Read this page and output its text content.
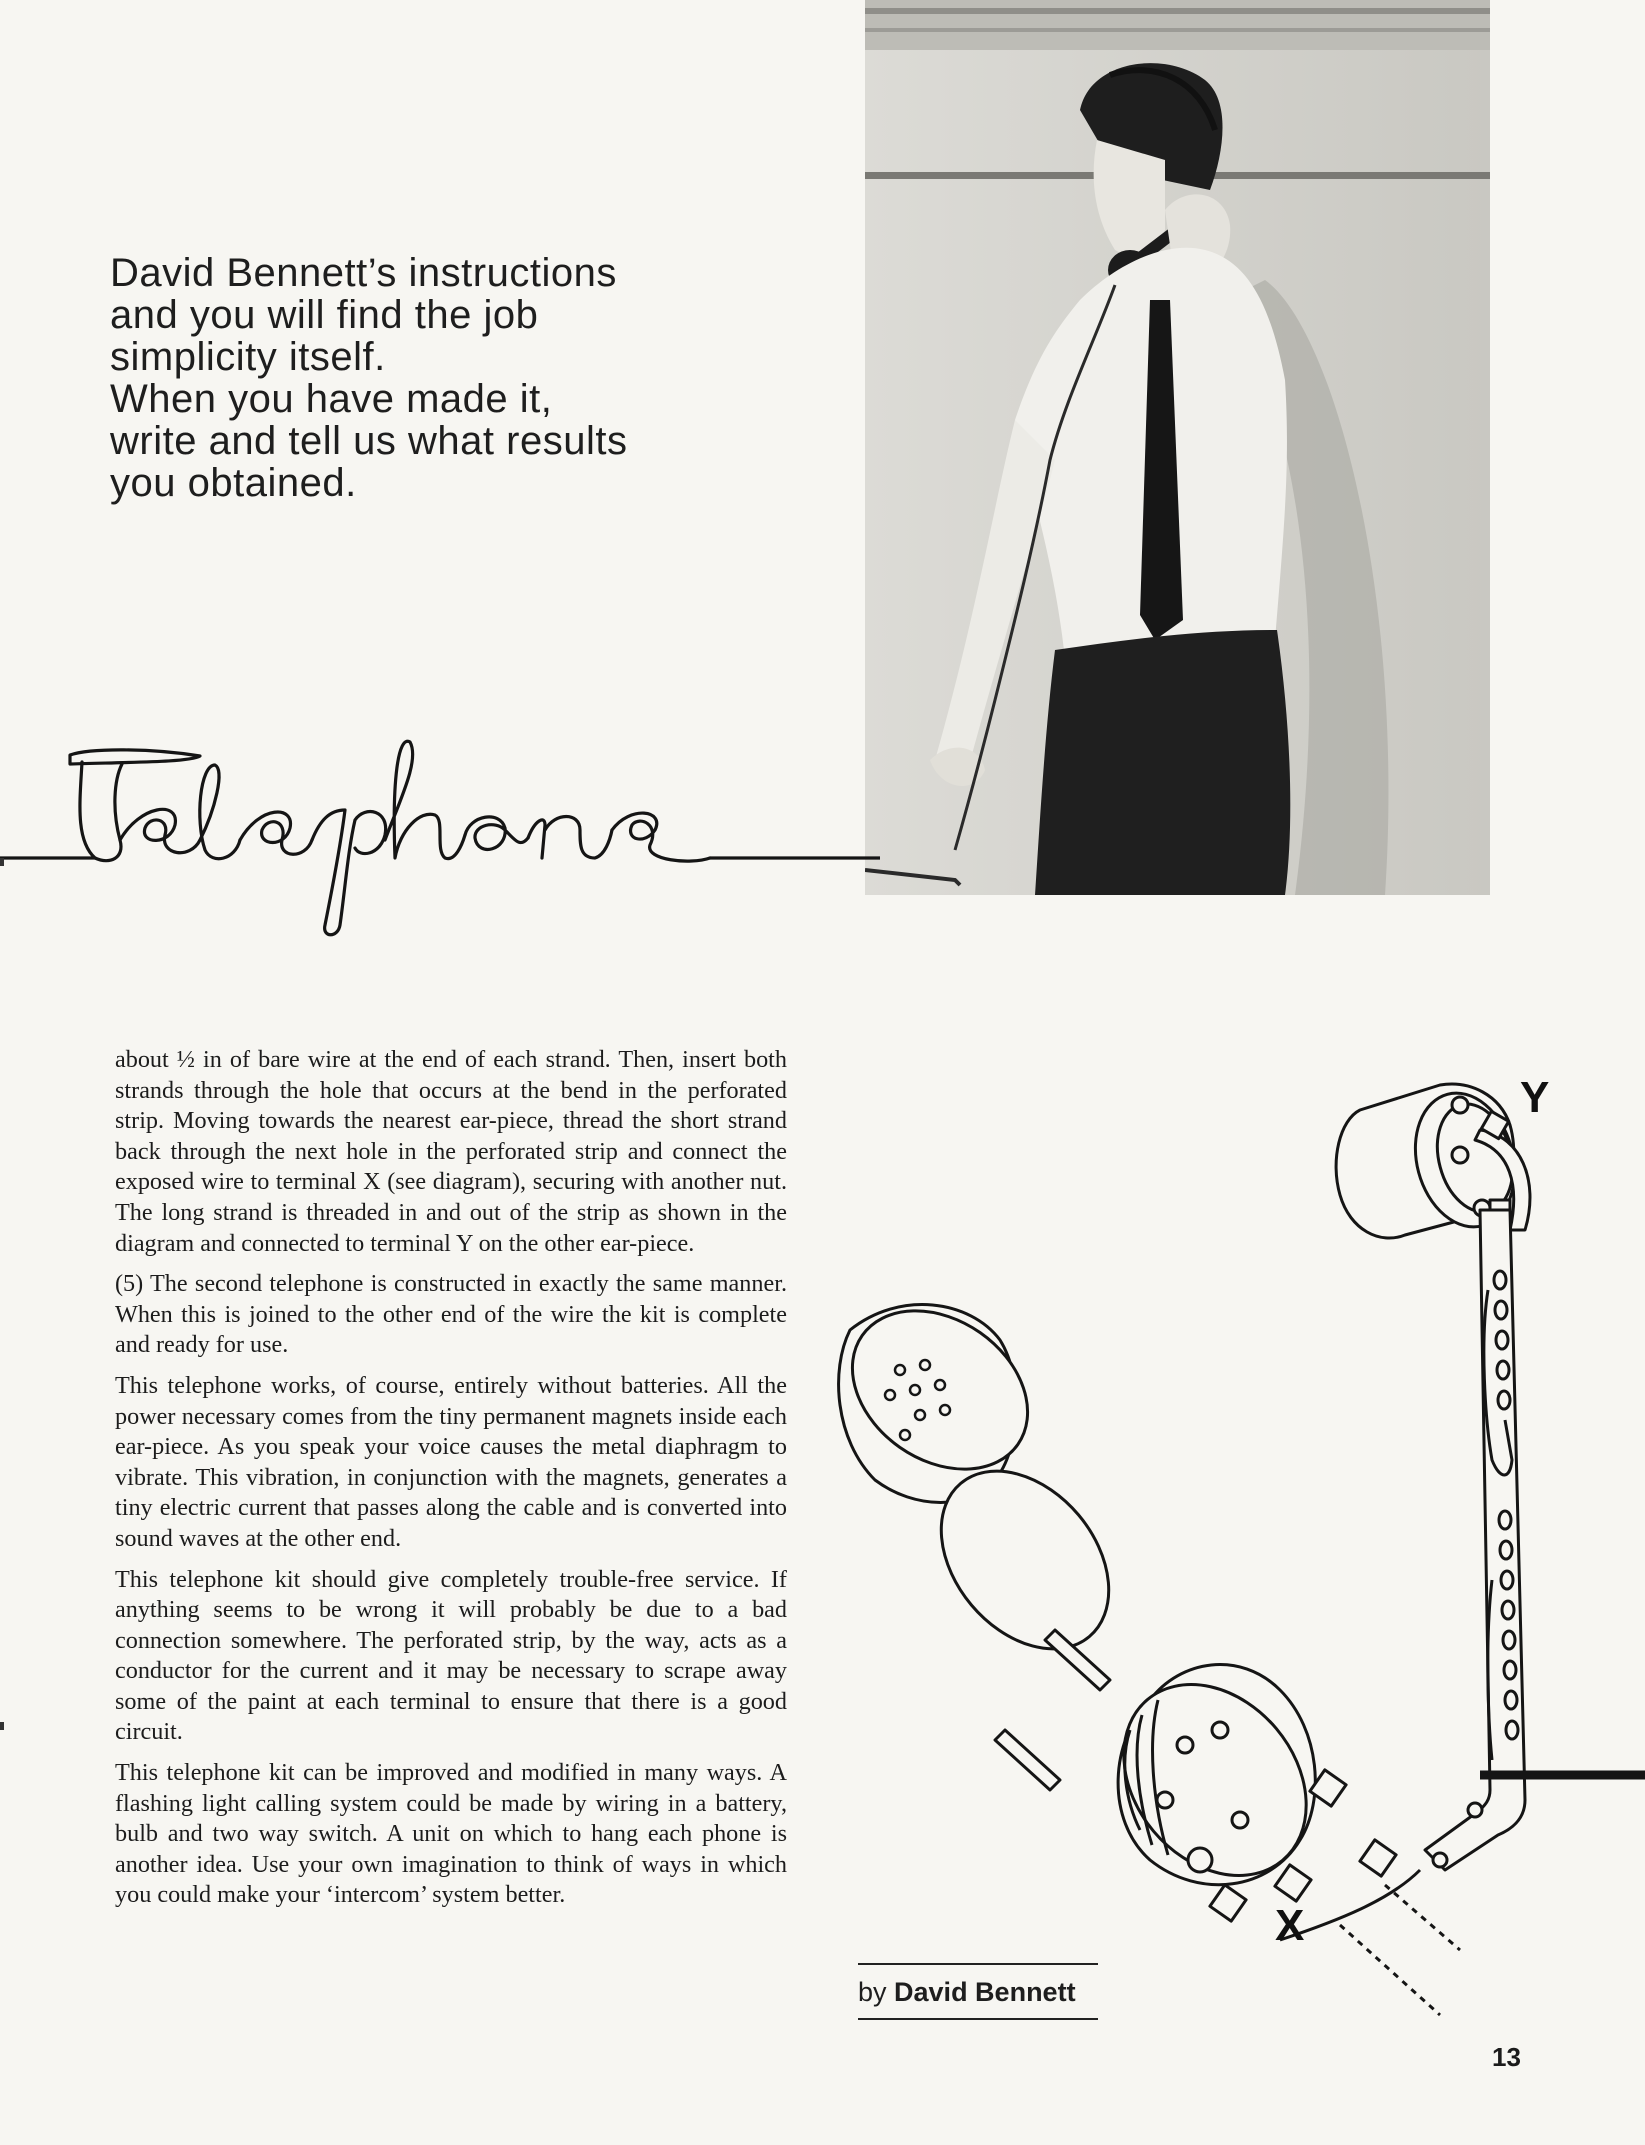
David Bennett’s instructions

and you will find the job

simplicity itself.

When you have made it,

write and tell us what results

you obtained.

about ½ in of bare wire at the end of each strand. Then, insert both strands through the hole that occurs at the bend in the perforated strip. Moving towards the nearest ear-piece, thread the short strand back through the next hole in the perforated strip and connect the exposed wire to terminal X (see diagram), securing with another nut. The long strand is threaded in and out of the strip as shown in the diagram and connected to terminal Y on the other ear-piece.

(5) The second telephone is constructed in exactly the same manner. When this is joined to the other end of the wire the kit is complete and ready for use.

This telephone works, of course, entirely without batteries. All the power necessary comes from the tiny permanent magnets inside each ear-piece. As you speak your voice causes the metal diaphragm to vibrate. This vibration, in conjunction with the magnets, generates a tiny electric current that passes along the cable and is converted into sound waves at the other end.

This telephone kit should give completely trouble-free service. If anything seems to be wrong it will probably be due to a bad connection somewhere. The perforated strip, by the way, acts as a conductor for the current and it may be necessary to scrape away some of the paint at each terminal to ensure that there is a good circuit.

This telephone kit can be improved and modified in many ways. A flashing light calling system could be made by wiring in a battery, bulb and two way switch. A unit on which to hang each phone is another idea. Use your own imagination to think of ways in which you could make your ‘intercom’ system better.

Y
X
by David Bennett
13
